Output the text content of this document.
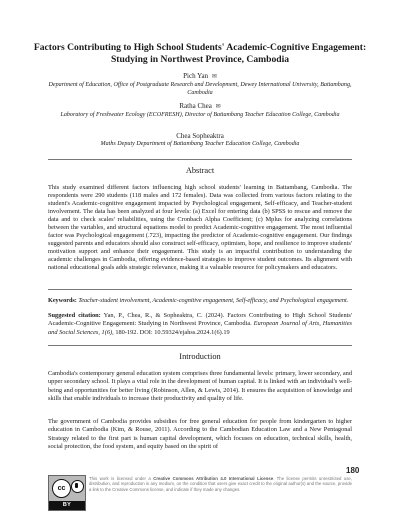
Factors Contributing to High School Students' Academic-Cognitive Engagement: Studying in Northwest Province, Cambodia
Pich Yan ✉
Department of Education, Office of Postgraduate Research and Development, Dewey International University, Battambang, Cambodia
Ratha Chea ✉
Laboratory of Freshwater Ecology (ECOFRESH), Director of Battambang Teacher Education College, Cambodia
Chea Sopheaktra
Maths Deputy Department of Battambang Teacher Education College, Cambodia
Abstract
This study examined different factors influencing high school students' learning in Battambang, Cambodia. The respondents were 290 students (118 males and 172 females). Data was collected from various factors relating to the student's Academic-cognitive engagement impacted by Psychological engagement, Self-efficacy, and Teacher-student involvement. The data has been analyzed at four levels: (a) Excel for entering data (b) SPSS to rescue and remove the data and to check scales' reliabilities, using the Cronbach Alpha Coefficient; (c) Mplus for analyzing correlations between the variables, and structural equations model to predict Academic-cognitive engagement. The most influential factor was Psychological engagement (.723), impacting the predictor of Academic-cognitive engagement. Our findings suggested parents and educators should also construct self-efficacy, optimism, hope, and resilience to improve students' motivation support and enhance their engagement. This study is an impactful contribution to understanding the academic challenges in Cambodia, offering evidence-based strategies to improve student outcomes. Its alignment with national educational goals adds strategic relevance, making it a valuable resource for policymakers and educators.
Keywords: Teacher-student involvement, Academic-cognitive engagement, Self-efficacy, and Psychological engagement.
Suggested citation: Yan, P., Chea, R., & Sopheaktra, C. (2024). Factors Contributing to High School Students' Academic-Cognitive Engagement: Studying in Northwest Province, Cambodia. European Journal of Arts, Humanities and Social Sciences, 1(6), 180-192. DOI: 10.59324/ejahss.2024.1(6).19
Introduction
Cambodia's contemporary general education system comprises three fundamental levels: primary, lower secondary, and upper secondary school. It plays a vital role in the development of human capital. It is linked with an individual's well-being and opportunities for better living (Robinson, Allen, & Lewis, 2014). It ensures the acquisition of knowledge and skills that enable individuals to increase their productivity and quality of life.
The government of Cambodia provides subsidies for free general education for people from kindergarten to higher education in Cambodia (Kim, & Rouse, 2011). According to the Cambodian Education Law and a New Pentagonal Strategy related to the first part is human capital development, which focuses on education, technical skills, health, social protection, the food system, and equity based on the spirit of
180
cc
BY
This work is licensed under a Creative Commons Attribution 4.0 International License. The license permits unrestricted use, distribution, and reproduction in any medium, on the condition that users give exact credit to the original author(s) and the source, provide a link to the Creative Commons license, and indicate if they made any changes.
